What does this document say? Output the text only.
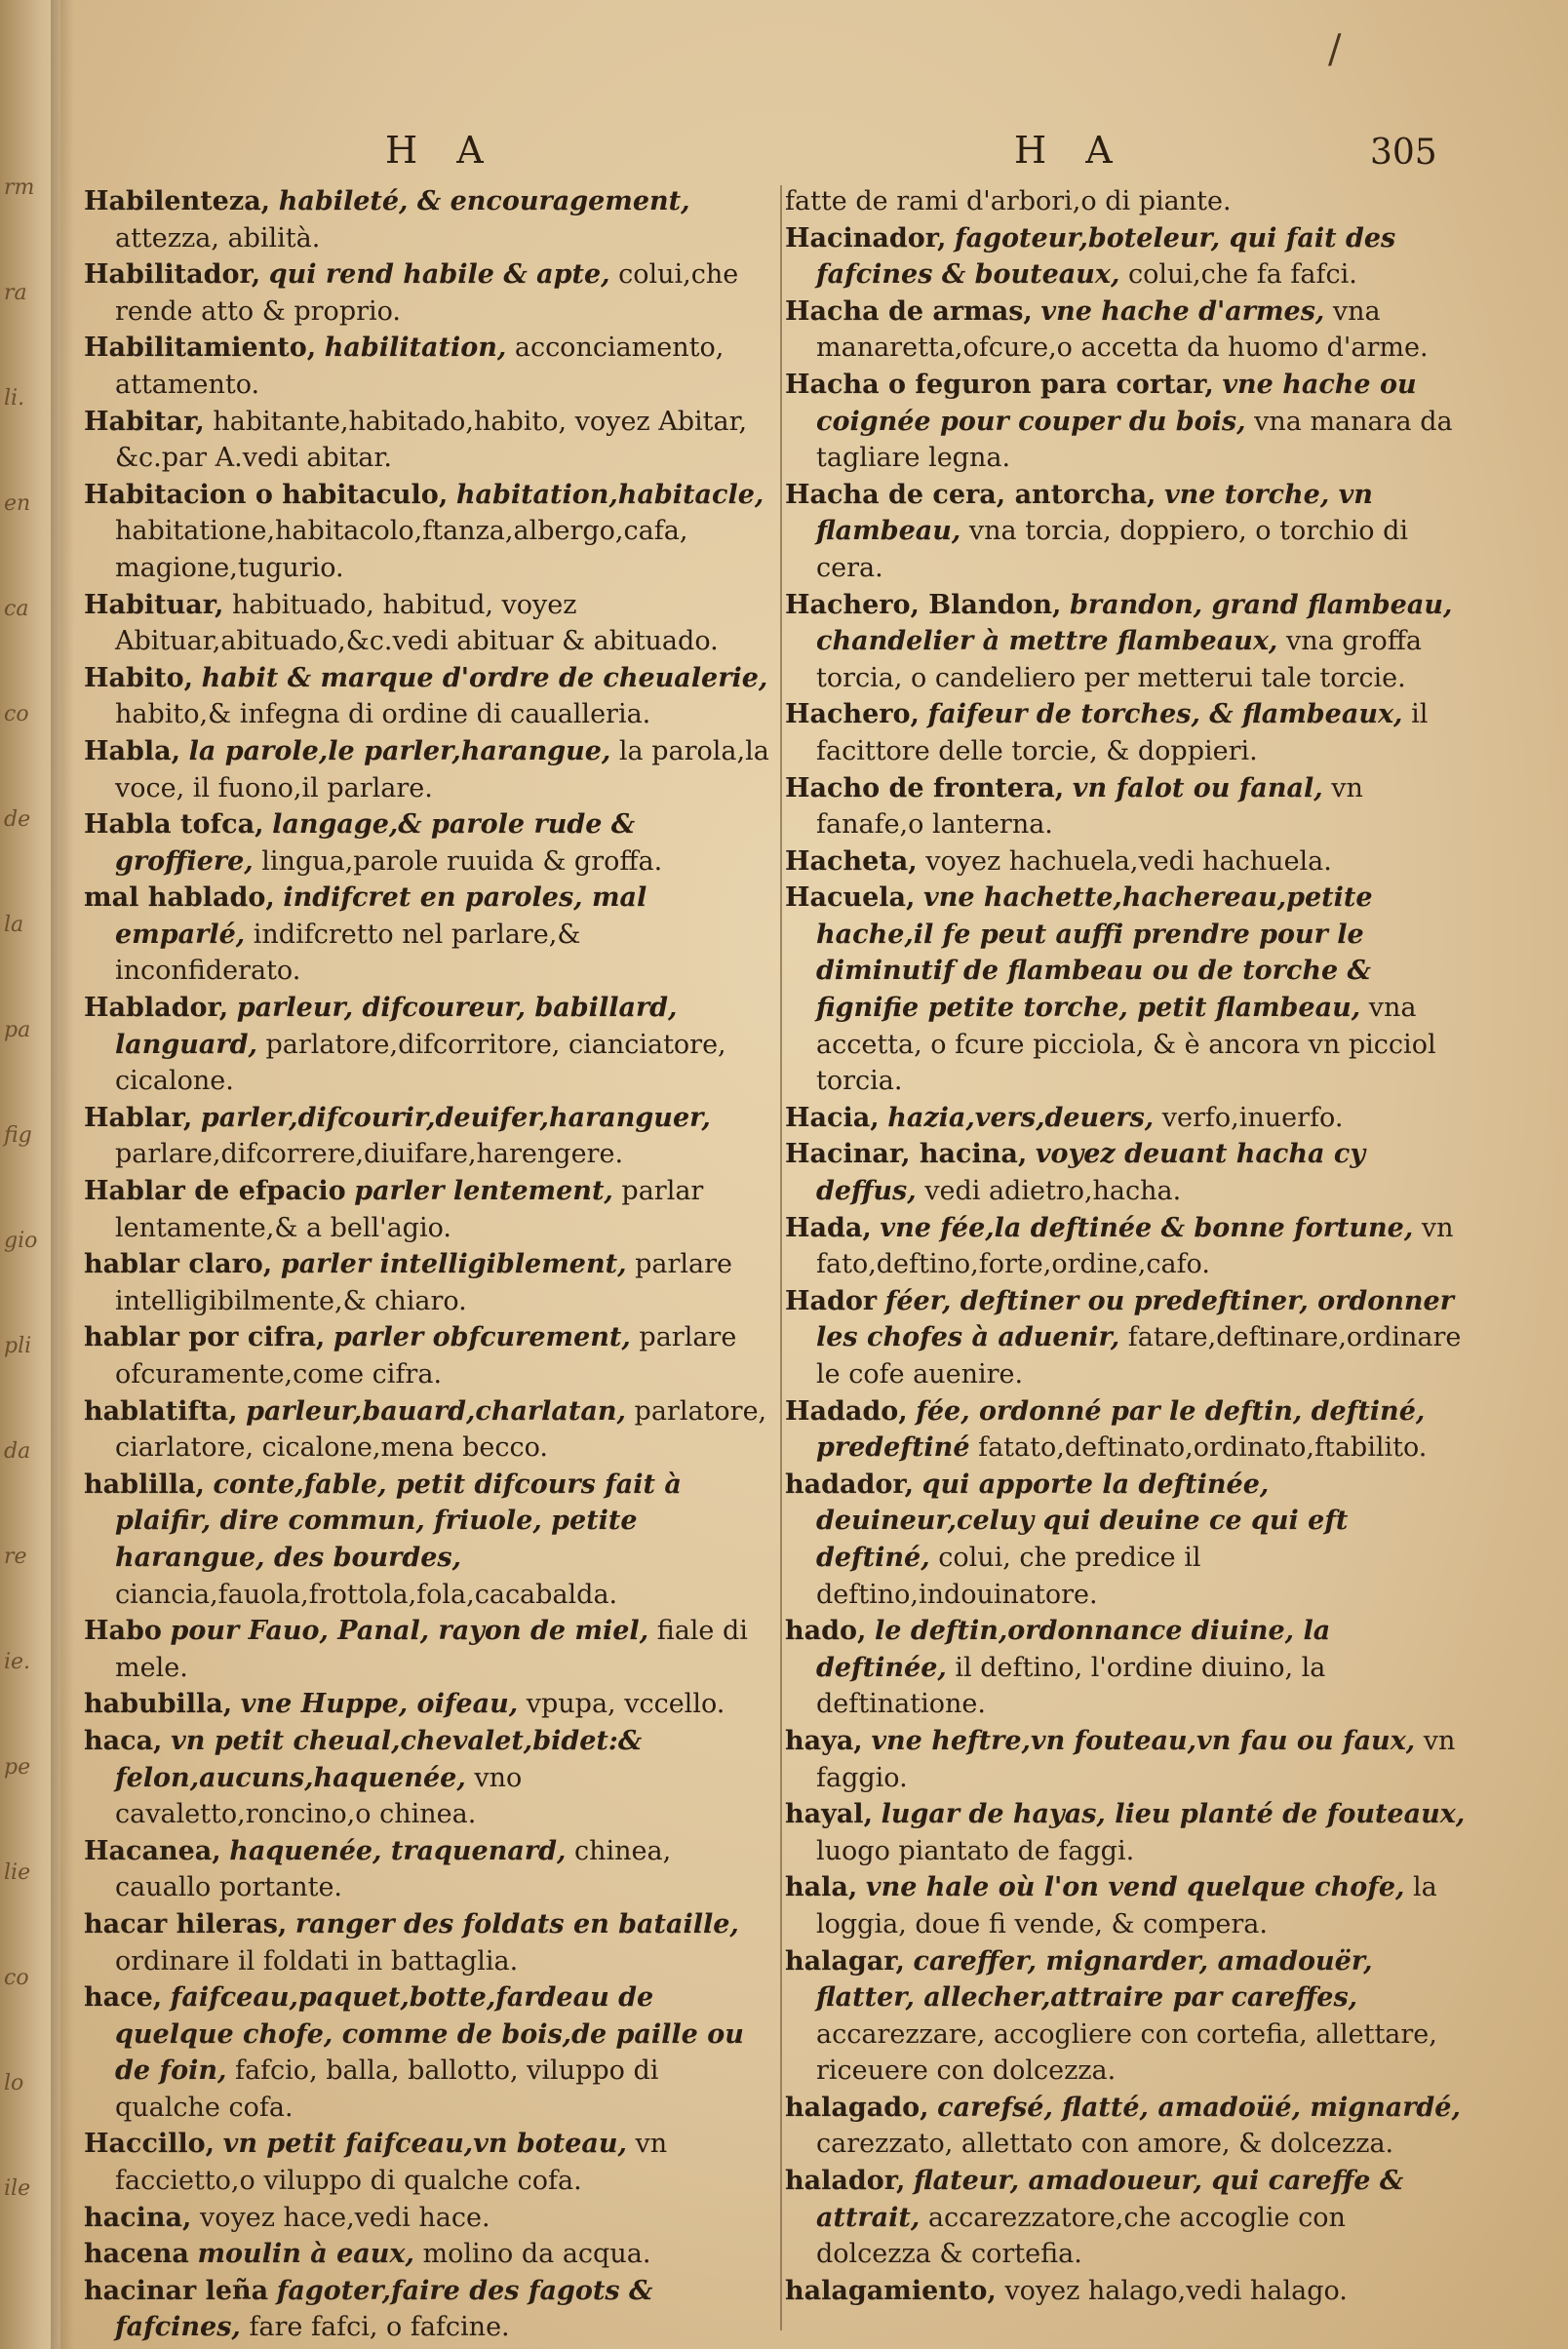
rm
ra
li.
en
ca
co
de
la
pa
fig
gio
pli
da
re
ie.
pe
lie
co
lo
ile
/
H A	H A	305

Habilenteza, habileté, & encouragement, attezza, abilità.

Habilitador, qui rend habile & apte, colui,che rende atto & proprio.

Habilitamiento, habilitation, acconciamento, attamento.

Habitar, habitante,habitado,habito, voyez Abitar, &c.par A.vedi abitar.

Habitacion o habitaculo, habitation,habitacle, habitatione,habitacolo,ftanza,albergo,cafa, magione,tugurio.

Habituar, habituado, habitud, voyez Abituar,abituado,&c.vedi abituar & abituado.

Habito, habit & marque d'ordre de cheualerie, habito,& infegna di ordine di caualleria.

Habla, la parole,le parler,harangue, la parola,la voce, il fuono,il parlare.

Habla tofca, langage,& parole rude & groffiere, lingua,parole ruuida & groffa.

mal hablado, indifcret en paroles, mal emparlé, indifcretto nel parlare,& inconfiderato.

Hablador, parleur, difcoureur, babillard, languard, parlatore,difcorritore, cianciatore, cicalone.

Hablar, parler,difcourir,deuifer,haranguer, parlare,difcorrere,diuifare,harengere.

Hablar de efpacio parler lentement, parlar lentamente,& a bell'agio.

hablar claro, parler intelligiblement, parlare intelligibilmente,& chiaro.

hablar por cifra, parler obfcurement, parlare ofcuramente,come cifra.

hablatifta, parleur,bauard,charlatan, parlatore, ciarlatore, cicalone,mena becco.

hablilla, conte,fable, petit difcours fait à plaifir, dire commun, friuole, petite harangue, des bourdes, ciancia,fauola,frottola,fola,cacabalda.

Habo pour Fauo, Panal, rayon de miel, fiale di mele.

habubilla, vne Huppe, oifeau, vpupa, vccello.

haca, vn petit cheual,chevalet,bidet:& felon,aucuns,haquenée, vno cavaletto,roncino,o chinea.

Hacanea, haquenée, traquenard, chinea, cauallo portante.

hacar hileras, ranger des foldats en bataille, ordinare il foldati in battaglia.

hace, faifceau,paquet,botte,fardeau de quelque chofe, comme de bois,de paille ou de foin, fafcio, balla, ballotto, viluppo di qualche cofa.

Haccillo, vn petit faifceau,vn boteau, vn faccietto,o viluppo di qualche cofa.

hacina, voyez hace,vedi hace.

hacena moulin à eaux, molino da acqua.

hacinar leña fagoter,faire des fagots & fafcines, fare fafci, o fafcine.

fatte de rami d'arbori,o di piante.

Hacinador, fagoteur,boteleur, qui fait des fafcines & bouteaux, colui,che fa fafci.

Hacha de armas, vne hache d'armes, vna manaretta,ofcure,o accetta da huomo d'arme.

Hacha o feguron para cortar, vne hache ou coignée pour couper du bois, vna manara da tagliare legna.

Hacha de cera, antorcha, vne torche, vn flambeau, vna torcia, doppiero, o torchio di cera.

Hachero, Blandon, brandon, grand flambeau, chandelier à mettre flambeaux, vna groffa torcia, o candeliero per metterui tale torcie.

Hachero, faifeur de torches, & flambeaux, il facittore delle torcie, & doppieri.

Hacho de frontera, vn falot ou fanal, vn fanafe,o lanterna.

Hacheta, voyez hachuela,vedi hachuela.

Hacuela, vne hachette,hachereau,petite hache,il fe peut auffi prendre pour le diminutif de flambeau ou de torche & fignifie petite torche, petit flambeau, vna accetta, o fcure picciola, & è ancora vn picciol torcia.

Hacia, hazia,vers,deuers, verfo,inuerfo.

Hacinar, hacina, voyez deuant hacha cy deffus, vedi adietro,hacha.

Hada, vne fée,la deftinée & bonne fortune, vn fato,deftino,forte,ordine,cafo.

Hador féer, deftiner ou predeftiner, ordonner les chofes à aduenir, fatare,deftinare,ordinare le cofe auenire.

Hadado, fée, ordonné par le deftin, deftiné, predeftiné fatato,deftinato,ordinato,ftabilito.

hadador, qui apporte la deftinée, deuineur,celuy qui deuine ce qui eft deftiné, colui, che predice il deftino,indouinatore.

hado, le deftin,ordonnance diuine, la deftinée, il deftino, l'ordine diuino, la deftinatione.

haya, vne heftre,vn fouteau,vn fau ou faux, vn faggio.

hayal, lugar de hayas, lieu planté de fouteaux, luogo piantato de faggi.

hala, vne hale où l'on vend quelque chofe, la loggia, doue fi vende, & compera.

halagar, careffer, mignarder, amadouër, flatter, allecher,attraire par careffes, accarezzare, accogliere con cortefia, allettare, riceuere con dolcezza.

halagado, carefsé, flatté, amadoüé, mignardé, carezzato, allettato con amore, & dolcezza.

halador, flateur, amadoueur, qui careffe & attrait, accarezzatore,che accoglie con dolcezza & cortefia.

halagamiento, voyez halago,vedi halago.
